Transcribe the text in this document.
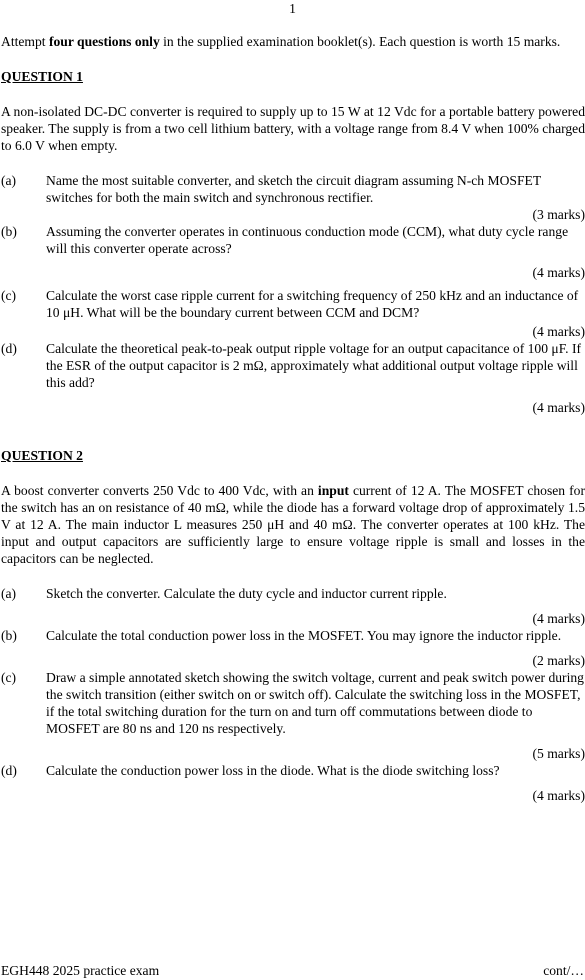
1

Attempt four questions only in the supplied examination booklet(s). Each question is worth 15 marks.

QUESTION 1

A non-isolated DC-DC converter is required to supply up to 15 W at 12 Vdc for a portable battery powered speaker. The supply is from a two cell lithium battery, with a voltage range from 8.4 V when 100% charged to 6.0 V when empty.

(a)	Name the most suitable converter, and sketch the circuit diagram assuming N-ch MOSFET switches for both the main switch and synchronous rectifier.

(3 marks)

(b)	Assuming the converter operates in continuous conduction mode (CCM), what duty cycle range will this converter operate across?

(4 marks)

(c)	Calculate the worst case ripple current for a switching frequency of 250 kHz and an inductance of 10 μH. What will be the boundary current between CCM and DCM?

(4 marks)

(d)	Calculate the theoretical peak-to-peak output ripple voltage for an output capacitance of 100 μF. If the ESR of the output capacitor is 2 mΩ, approximately what additional output voltage ripple will this add?

(4 marks)

QUESTION 2

A boost converter converts 250 Vdc to 400 Vdc, with an input current of 12 A. The MOSFET chosen for the switch has an on resistance of 40 mΩ, while the diode has a forward voltage drop of approximately 1.5 V at 12 A. The main inductor L measures 250 μH and 40 mΩ. The converter operates at 100 kHz. The input and output capacitors are sufficiently large to ensure voltage ripple is small and losses in the capacitors can be neglected.

(a)	Sketch the converter. Calculate the duty cycle and inductor current ripple.

(4 marks)

(b)	Calculate the total conduction power loss in the MOSFET. You may ignore the inductor ripple.

(2 marks)

(c)	Draw a simple annotated sketch showing the switch voltage, current and peak switch power during the switch transition (either switch on or switch off). Calculate the switching loss in the MOSFET, if the total switching duration for the turn on and turn off commutations between diode to MOSFET are 80 ns and 120 ns respectively.

(5 marks)

(d)	Calculate the conduction power loss in the diode. What is the diode switching loss?

(4 marks)

EGH448 2025 practice exam	cont/…
